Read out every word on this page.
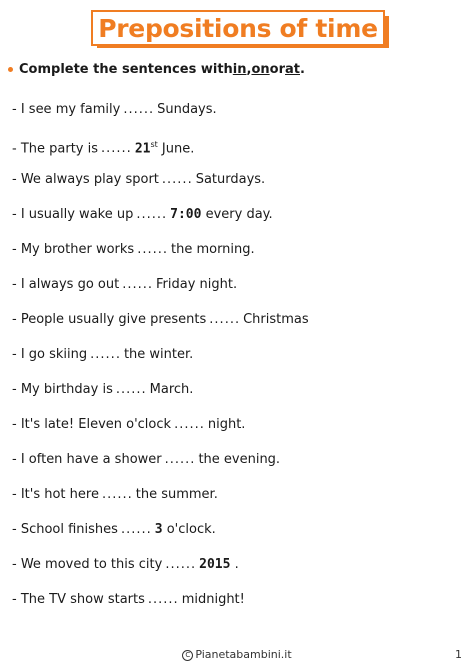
Prepositions of time
Complete the sentences with in , on or at .
- I see my family ...... Sundays.
- The party is ...... 21st June.
- We always play sport ...... Saturdays.
- I usually wake up ...... 7:00 every day.
- My brother works ...... the morning.
- I always go out ...... Friday night.
- People usually give presents ...... Christmas
- I go skiing ...... the winter.
- My birthday is ...... March.
- It's late! Eleven o'clock ...... night.
- I often have a shower ...... the evening.
- It's hot here ...... the summer.
- School finishes ...... 3 o'clock.
- We moved to this city ...... 2015 .
- The TV show starts ...... midnight!
C Pianetabambini.it	1
